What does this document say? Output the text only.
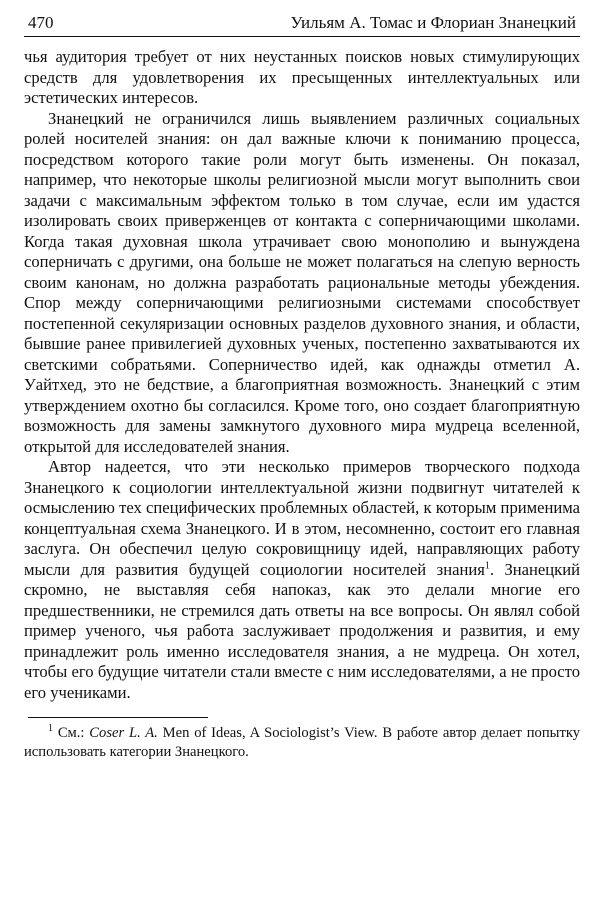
470	Уильям А. Томас и Флориан Знанецкий

чья аудитория требует от них неустанных поисков новых стимулирующих средств для удовлетворения их пресыщенных интеллектуальных или эстетических интересов.

Знанецкий не ограничился лишь выявлением различных социальных ролей носителей знания: он дал важные ключи к пониманию процесса, посредством которого такие роли могут быть изменены. Он показал, например, что некоторые школы религиозной мысли могут выполнить свои задачи с максимальным эффектом только в том случае, если им удастся изолировать своих приверженцев от контакта с соперничающими школами. Когда такая духовная школа утрачивает свою монополию и вынуждена соперничать с другими, она больше не может полагаться на слепую верность своим канонам, но должна разработать рациональные методы убеждения. Спор между соперничающими религиозными системами способствует постепенной секуляризации основных разделов духовного знания, и области, бывшие ранее привилегией духовных ученых, постепенно захватываются их светскими собратьями. Соперничество идей, как однажды отметил А. Уайтхед, это не бедствие, а благоприятная возможность. Знанецкий с этим утверждением охотно бы согласился. Кроме того, оно создает благоприятную возможность для замены замкнутого духовного мира мудреца вселенной, открытой для исследователей знания.

Автор надеется, что эти несколько примеров творческого подхода Знанецкого к социологии интеллектуальной жизни подвигнут читателей к осмыслению тех специфических проблемных областей, к которым применима концептуальная схема Знанецкого. И в этом, несомненно, состоит его главная заслуга. Он обеспечил целую сокровищницу идей, направляющих работу мысли для развития будущей социологии носителей знания$^1$. Знанецкий скромно, не выставляя себя напоказ, как это делали многие его предшественники, не стремился дать ответы на все вопросы. Он являл собой пример ученого, чья работа заслуживает продолжения и развития, и ему принадлежит роль именно исследователя знания, а не мудреца. Он хотел, чтобы его будущие читатели стали вместе с ним исследователями, а не просто его учениками.

$^1$ См.: Coser L. A. Men of Ideas, A Sociologist’s View. В работе автор делает попытку использовать категории Знанецкого.
